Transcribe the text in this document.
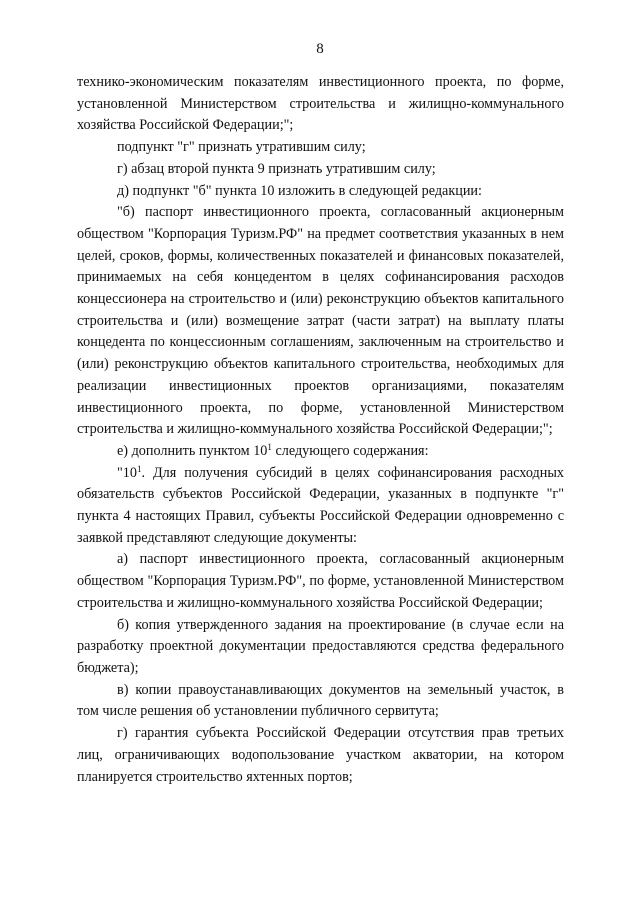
8

технико-экономическим показателям инвестиционного проекта, по форме, установленной Министерством строительства и жилищно-коммунального хозяйства Российской Федерации;";

подпункт "г" признать утратившим силу;

г) абзац второй пункта 9 признать утратившим силу;

д) подпункт "б" пункта 10 изложить в следующей редакции:

"б) паспорт инвестиционного проекта, согласованный акционерным обществом "Корпорация Туризм.РФ" на предмет соответствия указанных в нем целей, сроков, формы, количественных показателей и финансовых показателей, принимаемых на себя концедентом в целях софинансирования расходов концессионера на строительство и (или) реконструкцию объектов капитального строительства и (или) возмещение затрат (части затрат) на выплату платы концедента по концессионным соглашениям, заключенным на строительство и (или) реконструкцию объектов капитального строительства, необходимых для реализации инвестиционных проектов организациями, показателям инвестиционного проекта, по форме, установленной Министерством строительства и жилищно-коммунального хозяйства Российской Федерации;";

е) дополнить пунктом $10^1$ следующего содержания:

"$10^1$. Для получения субсидий в целях софинансирования расходных обязательств субъектов Российской Федерации, указанных в подпункте "г" пункта 4 настоящих Правил, субъекты Российской Федерации одновременно с заявкой представляют следующие документы:

а) паспорт инвестиционного проекта, согласованный акционерным обществом "Корпорация Туризм.РФ", по форме, установленной Министерством строительства и жилищно-коммунального хозяйства Российской Федерации;

б) копия утвержденного задания на проектирование (в случае если на разработку проектной документации предоставляются средства федерального бюджета);

в) копии правоустанавливающих документов на земельный участок, в том числе решения об установлении публичного сервитута;

г) гарантия субъекта Российской Федерации отсутствия прав третьих лиц, ограничивающих водопользование участком акватории, на котором планируется строительство яхтенных портов;
